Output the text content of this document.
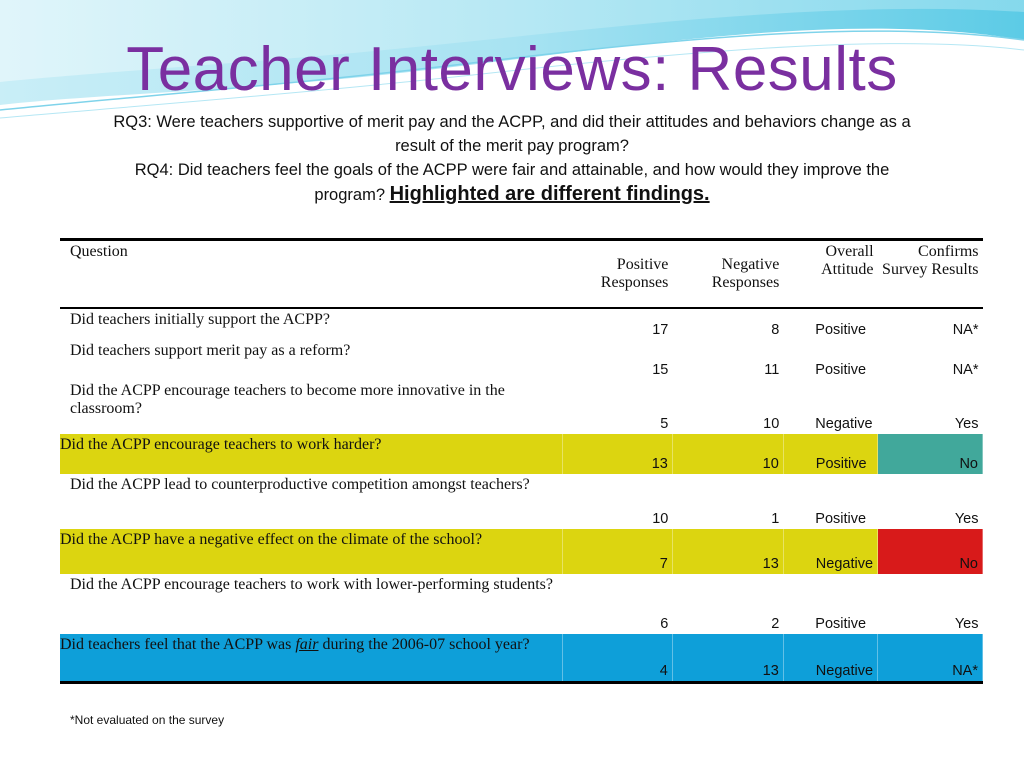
Teacher Interviews: Results
RQ3: Were teachers supportive of merit pay and the ACPP, and did their attitudes and behaviors change as a result of the merit pay program?
RQ4: Did teachers feel the goals of the ACPP were fair and attainable, and how would they improve the program? Highlighted are different findings.
Question	Positive Responses	Negative Responses	Overall Attitude	Confirms Survey Results
Did teachers initially support the ACPP?	17	8	Positive	NA*
Did teachers support merit pay as a reform?	15	11	Positive	NA*
Did the ACPP encourage teachers to become more innovative in the classroom?	5	10	Negative	Yes
Did the ACPP encourage teachers to work harder?	13	10	Positive	No
Did the ACPP lead to counterproductive competition amongst teachers?	10	1	Positive	Yes
Did the ACPP have a negative effect on the climate of the school?	7	13	Negative	No
Did the ACPP encourage teachers to work with lower-performing students?	6	2	Positive	Yes
Did teachers feel that the ACPP was fair during the 2006-07 school year?	4	13	Negative	NA*
*Not evaluated on the survey
